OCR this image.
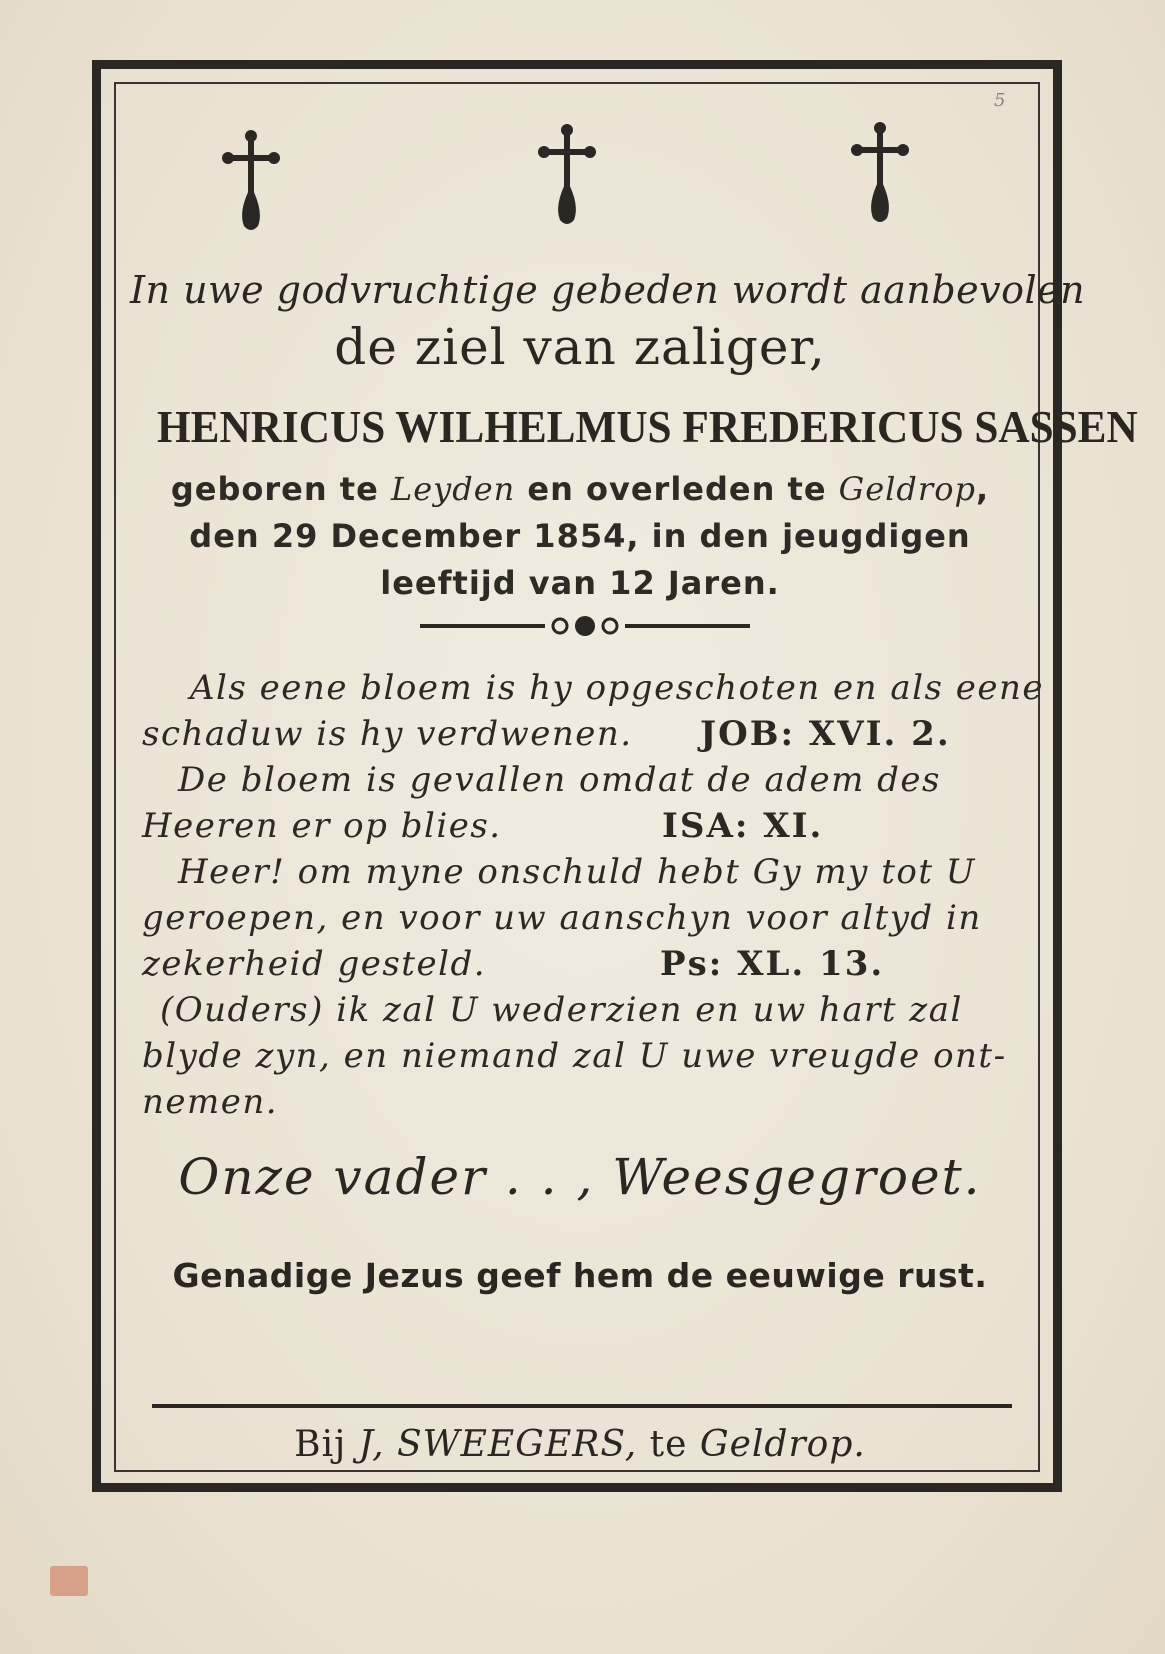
5
In uwe godvruchtige gebeden wordt aanbevolen
de ziel van zaliger,
HENRICUS WILHELMUS FREDERICUS SASSEN
geboren te Leyden en overleden te Geldrop,
den 29 December 1854, in den jeugdigen
leeftijd van 12 Jaren.
Als eene bloem is hy opgeschoten en als eene
schaduw is hy verdwenen. JOB: XVI. 2.
De bloem is gevallen omdat de adem des
Heeren er op blies.	ISA: XI.
Heer! om myne onschuld hebt Gy my tot U
geroepen, en voor uw aanschyn voor altyd in
zekerheid gesteld.	Ps: XL. 13.
(Ouders) ik zal U wederzien en uw hart zal
blyde zyn, en niemand zal U uwe vreugde ont-
nemen.
Onze vader . . , Weesgegroet.
Genadige Jezus geef hem de eeuwige rust.
Bij J, SWEEGERS, te Geldrop.
